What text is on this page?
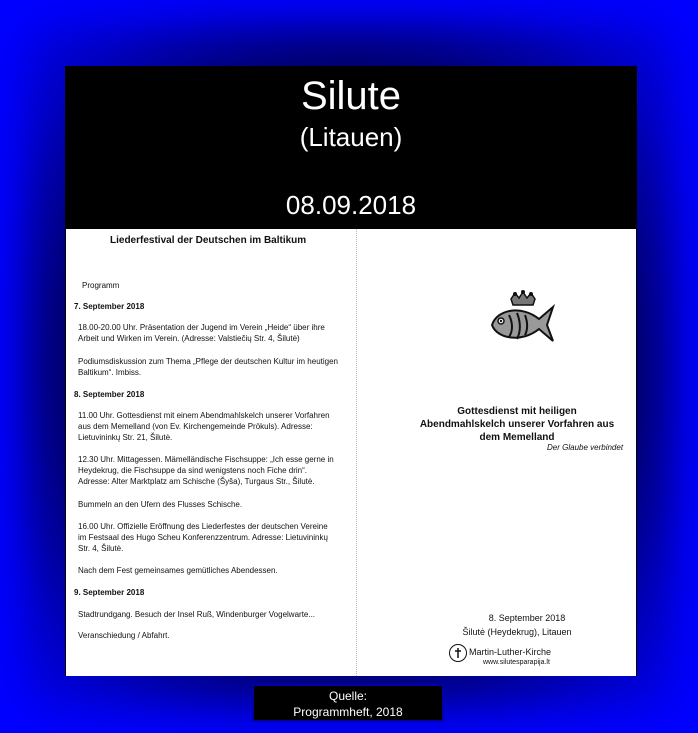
Silute
(Litauen)
08.09.2018
Liederfestival der Deutschen im Baltikum
Programm
7. September 2018
18.00-20.00 Uhr. Präsentation der Jugend im Verein „Heide“ über ihre Arbeit und Wirken im Verein. (Adresse: Valstiečių Str. 4, Šilutė)
Podiumsdiskussion zum Thema „Pflege der deutschen Kultur im heutigen Baltikum“. Imbiss.
8. September 2018
11.00 Uhr. Gottesdienst mit einem Abendmahlskelch unserer Vorfahren aus dem Memelland (von Ev. Kirchengemeinde Prökuls). Adresse: Lietuvininkų Str. 21, Šilutė.
12.30 Uhr. Mittagessen. Mämelländische Fischsuppe: „Ich esse gerne in Heydekrug, die Fischsuppe da sind wenigstens noch Fiche drin“. Adresse: Alter Marktplatz am Schische (Šyša), Turgaus Str., Šilutė.
Bummeln an den Ufern des Flusses Schische.
16.00 Uhr. Offizielle Eröffnung des Liederfestes der deutschen Vereine im Festsaal des Hugo Scheu Konferenzzentrum. Adresse: Lietuvininkų Str. 4, Šilutė.
Nach dem Fest gemeinsames gemütliches Abendessen.
9. September 2018
Stadtrundgang. Besuch der Insel Ruß, Windenburger Vogelwarte...
Veranschiedung / Abfahrt.
Gottesdienst mit heiligen Abendmahlskelch unserer Vorfahren aus dem Memelland
Der Glaube verbindet
8. September 2018
Šilutė (Heydekrug), Litauen
Martin-Luther-Kirche
www.silutesparapija.lt
Quelle:
Programmheft, 2018
